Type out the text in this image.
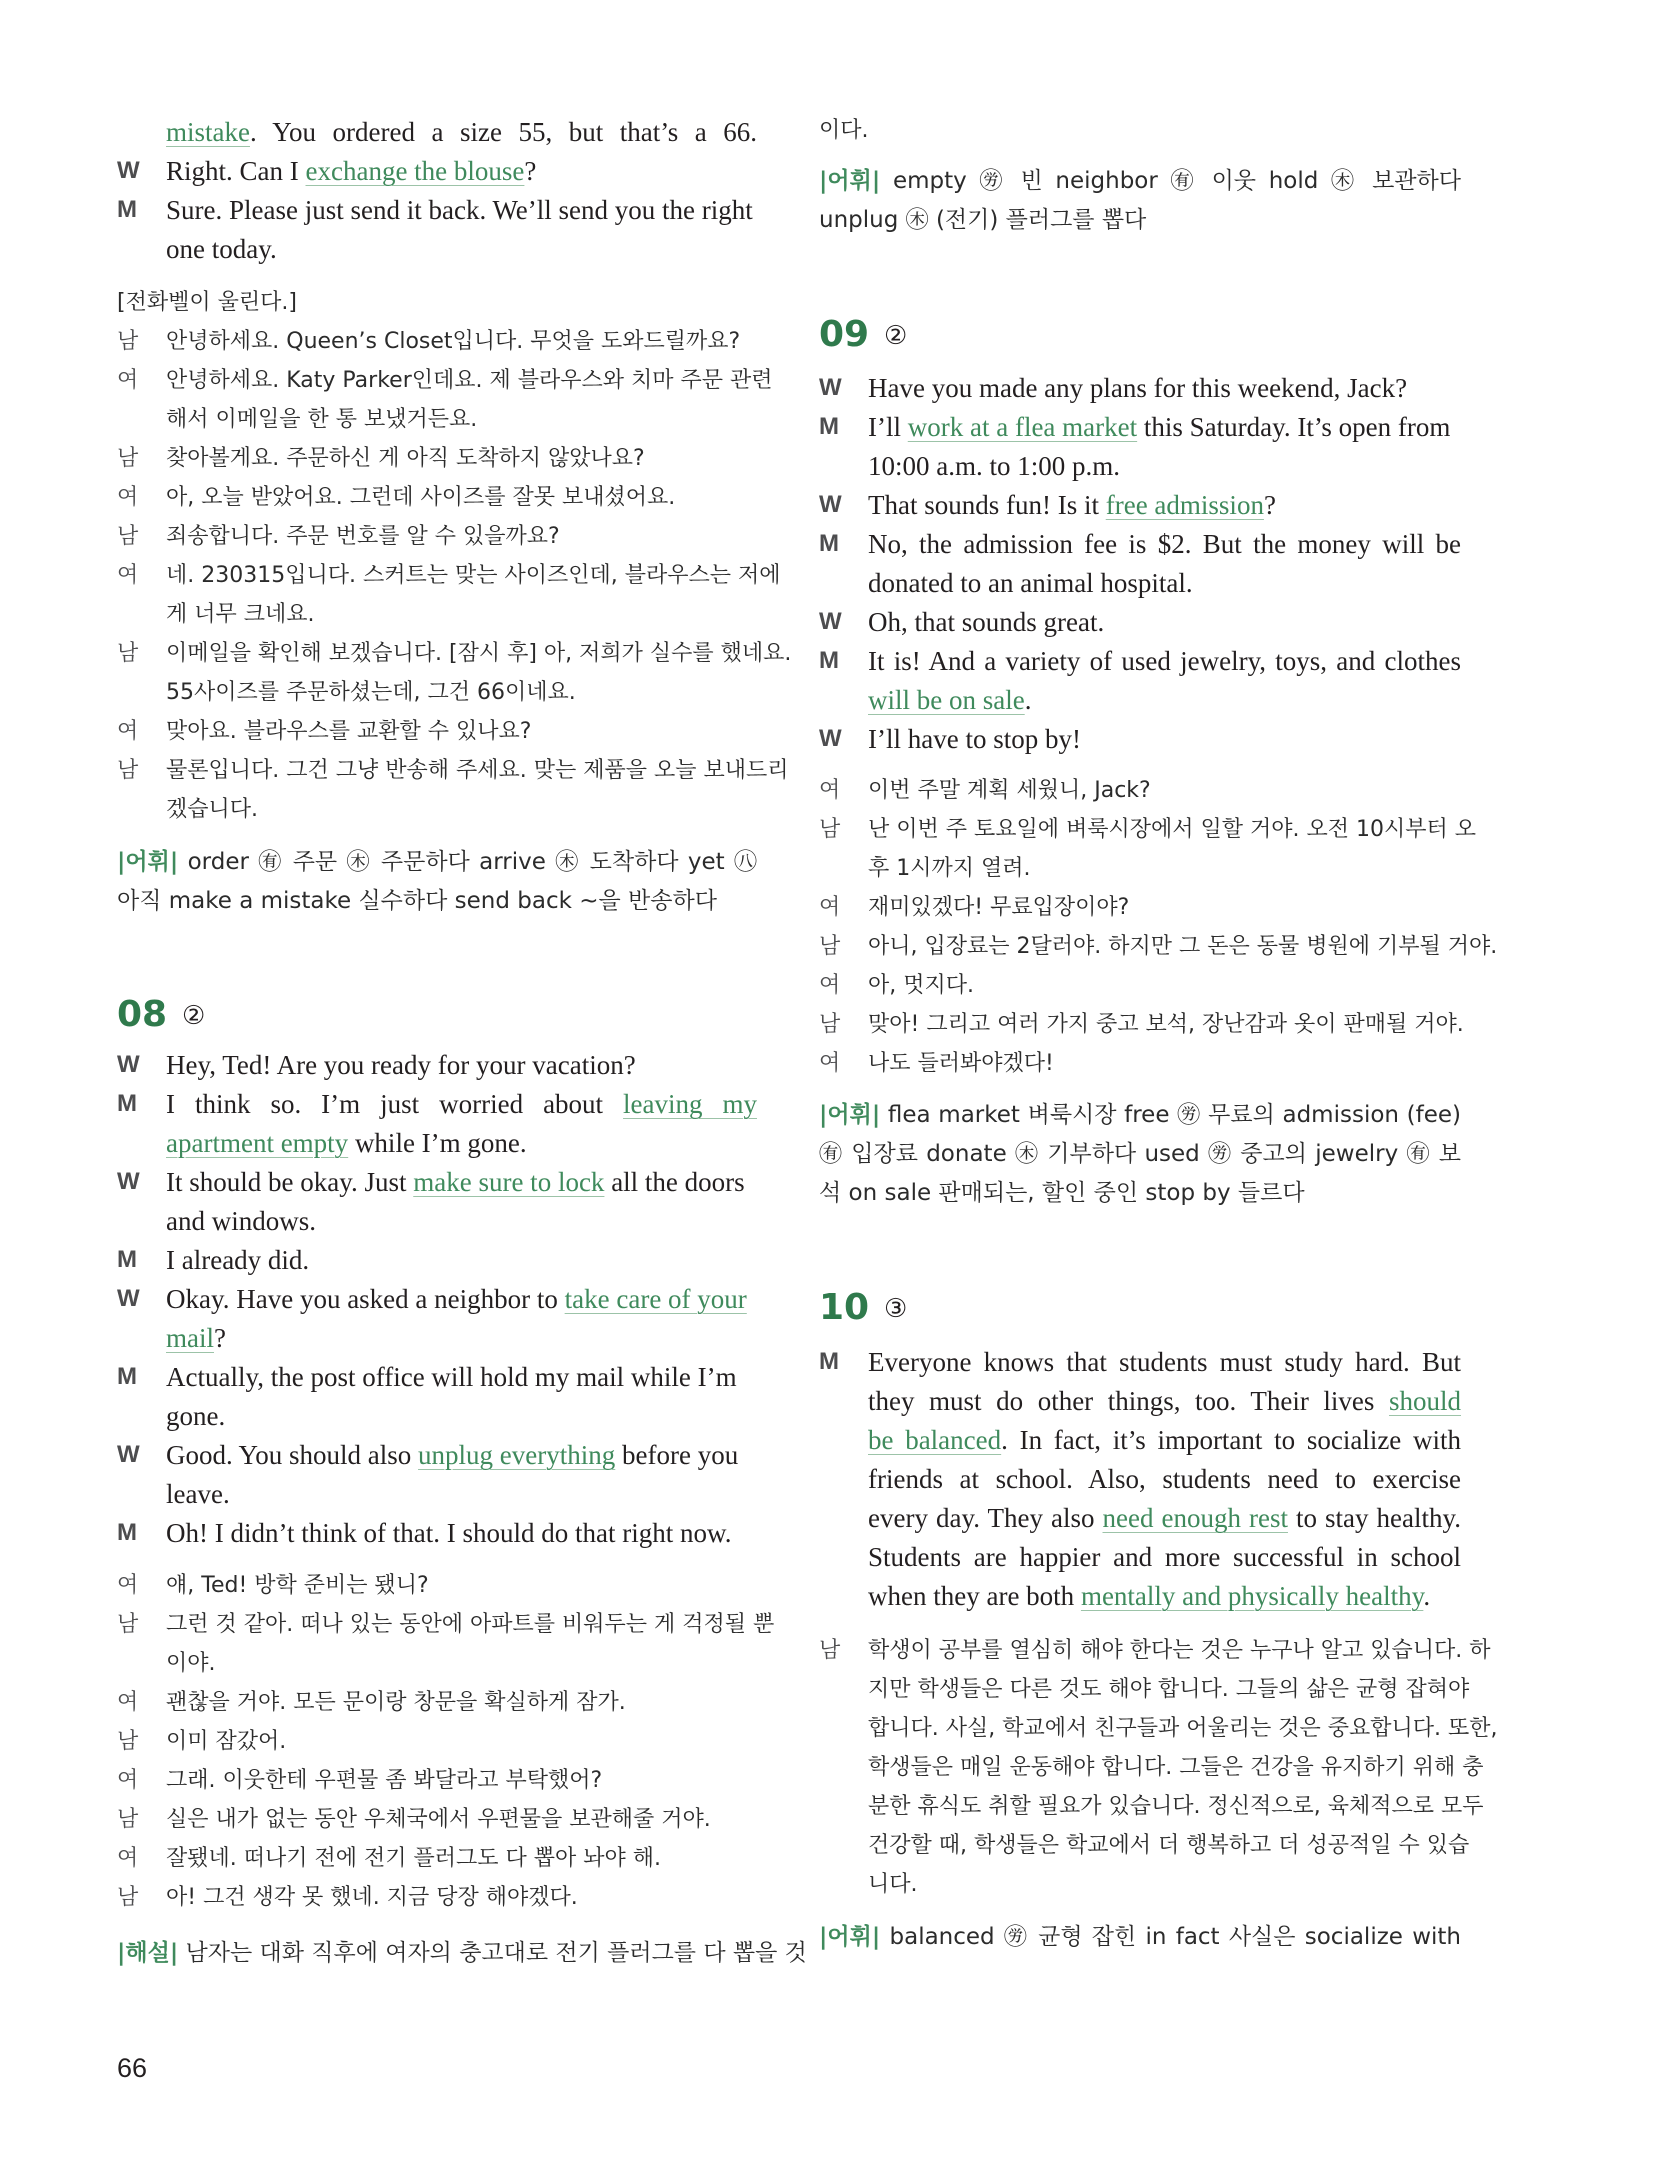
mistake. You ordered a size 55, but that’s a 66.
W Right. Can I exchange the blouse?
M	Sure. Please just send it back. We’ll send you the right
one today.
[전화벨이 울린다.]
남	안녕하세요. Queen’s Closet입니다. 무엇을 도와드릴까요?
여	안녕하세요. Katy Parker인데요. 제 블라우스와 치마 주문 관련
해서 이메일을 한 통 보냈거든요.
남	찾아볼게요. 주문하신 게 아직 도착하지 않았나요?
여	아, 오늘 받았어요. 그런데 사이즈를 잘못 보내셨어요.
남	죄송합니다. 주문 번호를 알 수 있을까요?
여	네. 230315입니다. 스커트는 맞는 사이즈인데, 블라우스는 저에
게 너무 크네요.
남	이메일을 확인해 보겠습니다. [잠시 후] 아, 저희가 실수를 했네요.
55사이즈를 주문하셨는데, 그건 66이네요.
여	맞아요. 블라우스를 교환할 수 있나요?
남	물론입니다. 그건 그냥 반송해 주세요. 맞는 제품을 오늘 보내드리
겠습니다.
|어휘| order ㊒ 주문 ㊍ 주문하다 arrive ㊍ 도착하다 yet ㊇
아직 make a mistake 실수하다 send back ~을 반송하다
08 ②
W Hey, Ted! Are you ready for your vacation?
M	I think so. I’m just worried about leaving my
apartment empty while I’m gone.
W It should be okay. Just make sure to lock all the doors
and windows.
M	I already did.
W Okay. Have you asked a neighbor to take care of your
mail?
M	Actually, the post office will hold my mail while I’m
gone.
W Good. You should also unplug everything before you
leave.
M	Oh! I didn’t think of that. I should do that right now.
여	얘, Ted! 방학 준비는 됐니?
남	그런 것 같아. 떠나 있는 동안에 아파트를 비워두는 게 걱정될 뿐
이야.
여	괜찮을 거야. 모든 문이랑 창문을 확실하게 잠가.
남	이미 잠갔어.
여	그래. 이웃한테 우편물 좀 봐달라고 부탁했어?
남	실은 내가 없는 동안 우체국에서 우편물을 보관해줄 거야.
여	잘됐네. 떠나기 전에 전기 플러그도 다 뽑아 놔야 해.
남	아! 그건 생각 못 했네. 지금 당장 해야겠다.
|해설| 남자는 대화 직후에 여자의 충고대로 전기 플러그를 다 뽑을 것
이다.
|어휘| empty ㊘ 빈 neighbor ㊒ 이웃 hold ㊍ 보관하다
unplug ㊍ (전기) 플러그를 뽑다
09 ②
W Have you made any plans for this weekend, Jack?
M	I’ll work at a flea market this Saturday. It’s open from
10:00 a.m. to 1:00 p.m.
W That sounds fun! Is it free admission?
M	No, the admission fee is $2. But the money will be
donated to an animal hospital.
W Oh, that sounds great.
M	It is! And a variety of used jewelry, toys, and clothes
will be on sale.
W I’ll have to stop by!
여	이번 주말 계획 세웠니, Jack?
남	난 이번 주 토요일에 벼룩시장에서 일할 거야. 오전 10시부터 오
후 1시까지 열려.
여	재미있겠다! 무료입장이야?
남	아니, 입장료는 2달러야. 하지만 그 돈은 동물 병원에 기부될 거야.
여	아, 멋지다.
남	맞아! 그리고 여러 가지 중고 보석, 장난감과 옷이 판매될 거야.
여	나도 들러봐야겠다!
|어휘| flea market 벼룩시장 free ㊘ 무료의 admission (fee)
㊒ 입장료 donate ㊍ 기부하다 used ㊘ 중고의 jewelry ㊒ 보
석 on sale 판매되는, 할인 중인 stop by 들르다
10 ③
M	Everyone knows that students must study hard. But
they must do other things, too. Their lives should
be balanced. In fact, it’s important to socialize with
friends at school. Also, students need to exercise
every day. They also need enough rest to stay healthy.
Students are happier and more successful in school
when they are both mentally and physically healthy.
남	학생이 공부를 열심히 해야 한다는 것은 누구나 알고 있습니다. 하
지만 학생들은 다른 것도 해야 합니다. 그들의 삶은 균형 잡혀야
합니다. 사실, 학교에서 친구들과 어울리는 것은 중요합니다. 또한,
학생들은 매일 운동해야 합니다. 그들은 건강을 유지하기 위해 충
분한 휴식도 취할 필요가 있습니다. 정신적으로, 육체적으로 모두
건강할 때, 학생들은 학교에서 더 행복하고 더 성공적일 수 있습
니다.
|어휘| balanced ㊘ 균형 잡힌 in fact 사실은 socialize with
66
